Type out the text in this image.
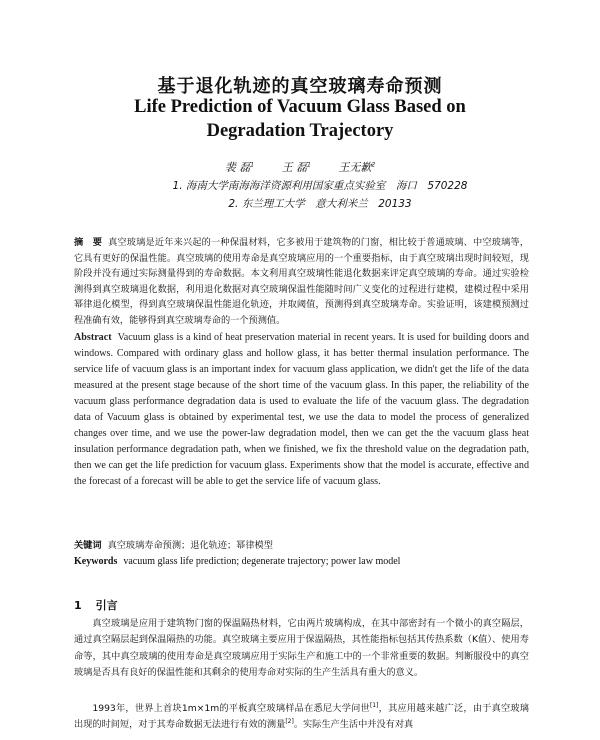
基于退化轨迹的真空玻璃寿命预测
Life Prediction of Vacuum Glass Based on
Degradation Trajectory
裴 磊$^1$	王 磊$^1$	王无歉$^2$
1. 海南大学南海海洋资源利用国家重点实验室　海口　570228
2. 东兰理工大学　意大利米兰　20133
摘　要 真空玻璃是近年来兴起的一种保温材料，它多被用于建筑物的门窗，相比较于普通玻璃、中空玻璃等，它具有更好的保温性能。真空玻璃的使用寿命是真空玻璃应用的一个重要指标，由于真空玻璃出现时间较短，现阶段并没有通过实际测量得到的寿命数据。本文利用真空玻璃性能退化数据来评定真空玻璃的寿命。通过实验检测得到真空玻璃退化数据，利用退化数据对真空玻璃保温性能随时间广义变化的过程进行建模，建模过程中采用幂律退化模型，得到真空玻璃保温性能退化轨迹，并取阈值，预测得到真空玻璃寿命。实验证明，该建模预测过程准确有效，能够得到真空玻璃寿命的一个预测值。
Abstract Vacuum glass is a kind of heat preservation material in recent years. It is used for building doors and windows. Compared with ordinary glass and hollow glass, it has better thermal insulation performance. The service life of vacuum glass is an important index for vacuum glass application, we didn't get the life of the data measured at the present stage because of the short time of the vacuum glass. In this paper, the reliability of the vacuum glass performance degradation data is used to evaluate the life of the vacuum glass. The degradation data of Vacuum glass is obtained by experimental test, we use the data to model the process of generalized changes over time, and we use the power-law degradation model, then we can get the the vacuum glass heat insulation performance degradation path, when we finished, we fix the threshold value on the degradation path, then we can get the life prediction for vacuum glass. Experiments show that the model is accurate, effective and the forecast of a forecast will be able to get the service life of vacuum glass.
关键词 真空玻璃寿命预测；退化轨迹；幂律模型
Keywords vacuum glass life prediction; degenerate trajectory; power law model
1 引言
真空玻璃是应用于建筑物门窗的保温隔热材料，它由两片玻璃构成，在其中部密封有一个微小的真空隔层，通过真空隔层起到保温隔热的功能。真空玻璃主要应用于保温隔热，其性能指标包括其传热系数（K值）、使用寿命等，其中真空玻璃的使用寿命是真空玻璃应用于实际生产和施工中的一个非常重要的数据。判断服役中的真空玻璃是否具有良好的保温性能和其剩余的使用寿命对实际的生产生活具有重大的意义。
1993年，世界上首块1m×1m的平板真空玻璃样品在悉尼大学问世[1]，其应用越来越广泛，由于真空玻璃出现的时间短，对于其寿命数据无法进行有效的测量[2]。实际生产生活中并没有对真
